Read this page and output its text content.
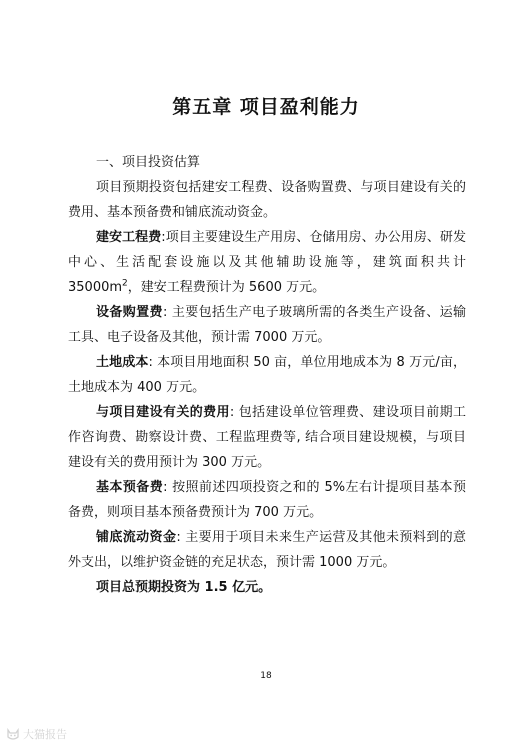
第五章 项目盈利能力

一、项目投资估算

项目预期投资包括建安工程费、设备购置费、与项目建设有关的费用、基本预备费和铺底流动资金。

建安工程费:项目主要建设生产用房、仓储用房、办公用房、研发中心、生活配套设施以及其他辅助设施等，建筑面积共计 $35000m^2$，建安工程费预计为 5600 万元。

设备购置费: 主要包括生产电子玻璃所需的各类生产设备、运输工具、电子设备及其他，预计需 7000 万元。

土地成本: 本项目用地面积 50 亩，单位用地成本为 8 万元/亩，土地成本为 400 万元。

与项目建设有关的费用: 包括建设单位管理费、建设项目前期工作咨询费、勘察设计费、工程监理费等, 结合项目建设规模，与项目建设有关的费用预计为 300 万元。

基本预备费: 按照前述四项投资之和的 5%左右计提项目基本预备费，则项目基本预备费预计为 700 万元。

铺底流动资金: 主要用于项目未来生产运营及其他未预料到的意外支出，以维护资金链的充足状态，预计需 1000 万元。

项目总预期投资为 1.5 亿元。

18

大猫报告
